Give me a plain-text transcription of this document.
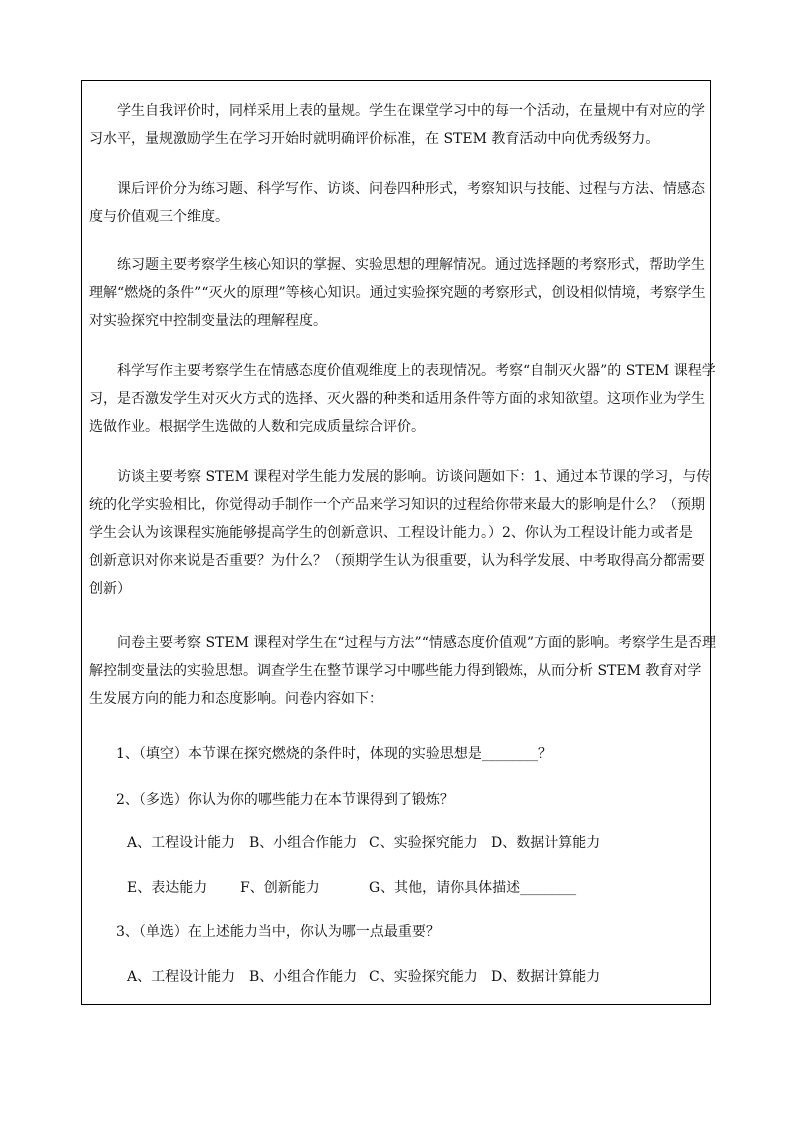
学生自我评价时，同样采用上表的量规。学生在课堂学习中的每一个活动，在量规中有对应的学
习水平，量规激励学生在学习开始时就明确评价标准，在 STEM 教育活动中向优秀级努力。

课后评价分为练习题、科学写作、访谈、问卷四种形式，考察知识与技能、过程与方法、情感态
度与价值观三个维度。

练习题主要考察学生核心知识的掌握、实验思想的理解情况。通过选择题的考察形式，帮助学生
理解“燃烧的条件”“灭火的原理”等核心知识。通过实验探究题的考察形式，创设相似情境，考察学生
对实验探究中控制变量法的理解程度。

科学写作主要考察学生在情感态度价值观维度上的表现情况。考察“自制灭火器”的 STEM 课程学
习，是否激发学生对灭火方式的选择、灭火器的种类和适用条件等方面的求知欲望。这项作业为学生
选做作业。根据学生选做的人数和完成质量综合评价。

访谈主要考察 STEM 课程对学生能力发展的影响。访谈问题如下：1、通过本节课的学习，与传
统的化学实验相比，你觉得动手制作一个产品来学习知识的过程给你带来最大的影响是什么？（预期
学生会认为该课程实施能够提高学生的创新意识、工程设计能力。）2、你认为工程设计能力或者是
创新意识对你来说是否重要？为什么？（预期学生认为很重要，认为科学发展、中考取得高分都需要
创新）

问卷主要考察 STEM 课程对学生在“过程与方法”“情感态度价值观”方面的影响。考察学生是否理
解控制变量法的实验思想。调查学生在整节课学习中哪些能力得到锻炼，从而分析 STEM 教育对学
生发展方向的能力和态度影响。问卷内容如下：

1、（填空）本节课在探究燃烧的条件时，体现的实验思想是________？

2、（多选）你认为你的哪些能力在本节课得到了锻炼？

A、工程设计能力 B、小组合作能力 C、实验探究能力 D、数据计算能力

E、表达能力 F、创新能力	G、其他，请你具体描述________

3、（单选）在上述能力当中，你认为哪一点最重要？

A、工程设计能力 B、小组合作能力 C、实验探究能力 D、数据计算能力
